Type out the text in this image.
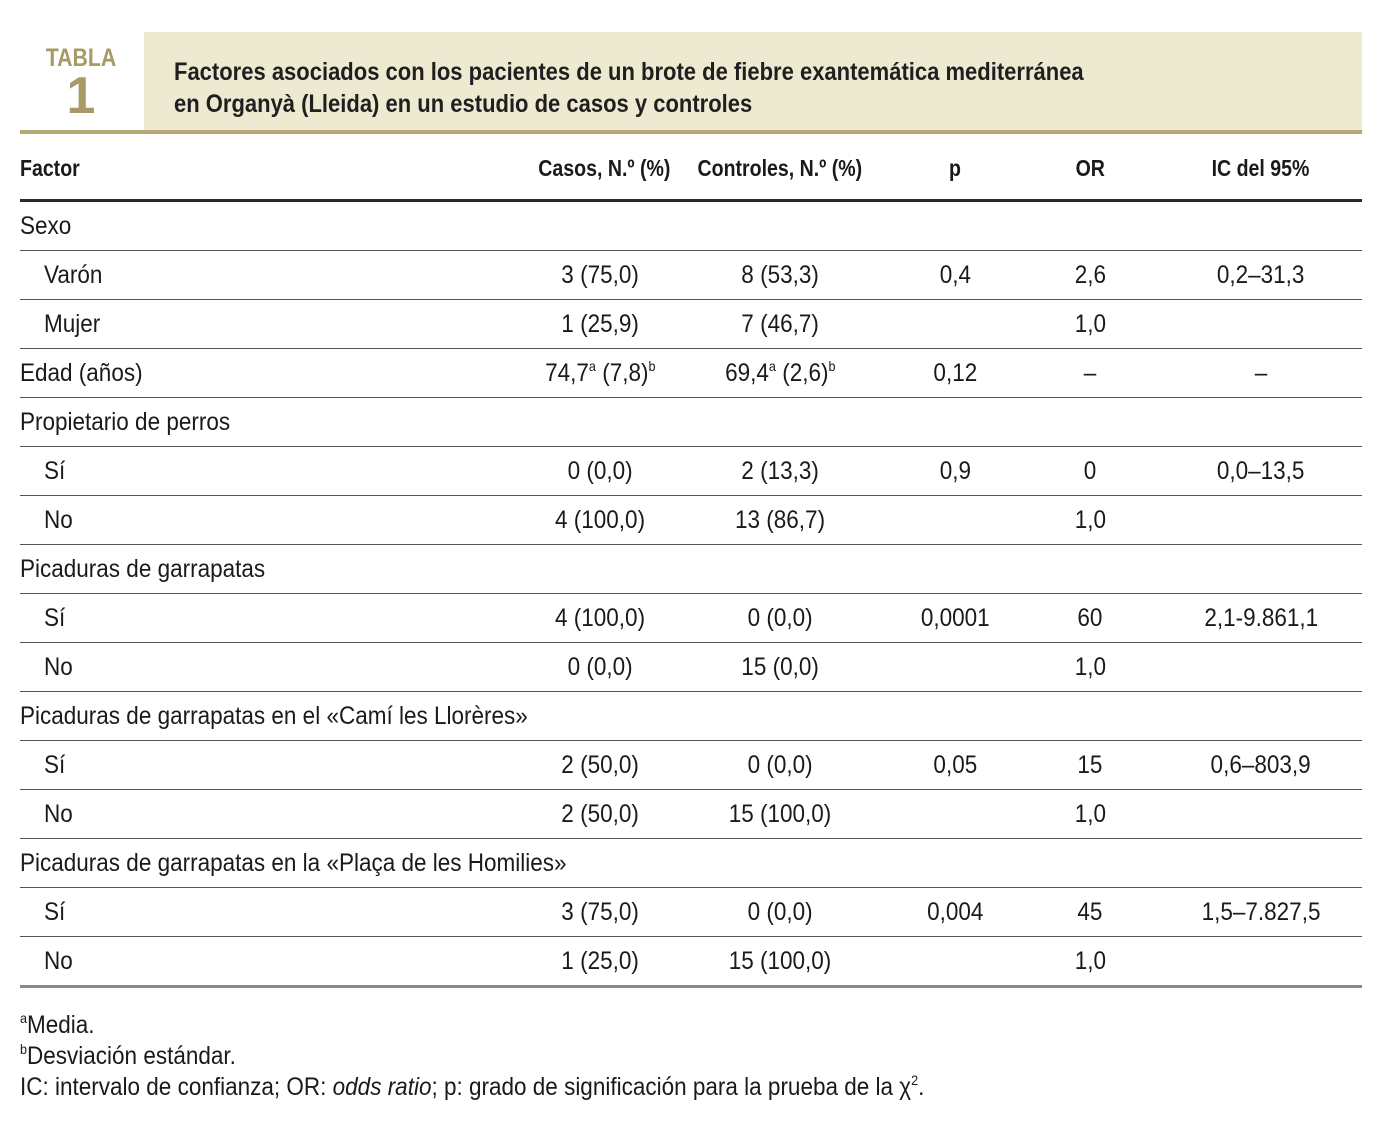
TABLA
1	Factores asociados con los pacientes de un brote de fiebre exantemática mediterránea
en Organyà (Lleida) en un estudio de casos y controles
Factor	Casos, N.º (%)	Controles, N.º (%)	p	OR	IC del 95%
Sexo					
Varón	3 (75,0)	8 (53,3)	0,4	2,6	0,2–31,3
Mujer	1 (25,9)	7 (46,7)		1,0	
Edad (años)	74,7$^a$ $(7,8)^b$	69,4$^a$ $(2,6)^b$	0,12	–	–
Propietario de perros					
Sí	0 (0,0)	2 (13,3)	0,9	0	0,0–13,5
No	4 (100,0)	13 (86,7)		1,0	
Picaduras de garrapatas					
Sí	4 (100,0)	0 (0,0)	0,0001	60	2,1-9.861,1
No	0 (0,0)	15 (0,0)		1,0	
Picaduras de garrapatas en el «Camí les Llorères»					
Sí	2 (50,0)	0 (0,0)	0,05	15	0,6–803,9
No	2 (50,0)	15 (100,0)		1,0	
Picaduras de garrapatas en la «Plaça de les Homilies»					
Sí	3 (75,0)	0 (0,0)	0,004	45	1,5–7.827,5
No	1 (25,0)	15 (100,0)		1,0	
$^a$Media.
$^b$Desviación estándar.
IC: intervalo de confianza; OR: odds ratio; p: grado de significación para la prueba de la $\chi^2$.
